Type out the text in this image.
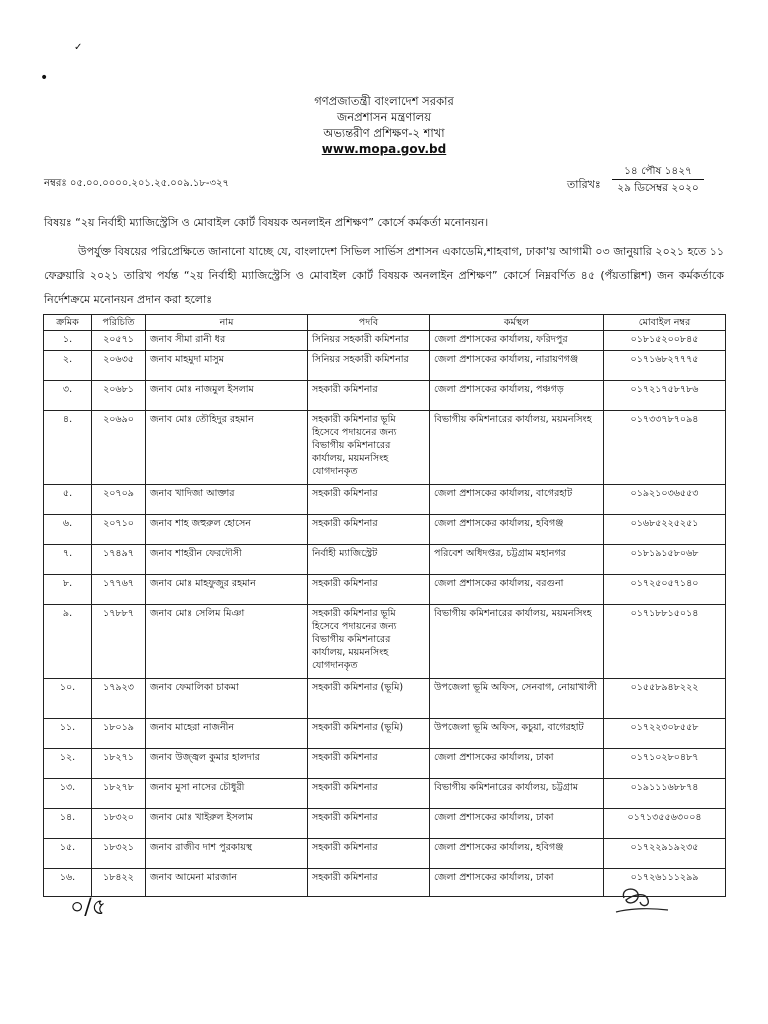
✓
•
গণপ্রজাতন্ত্রী বাংলাদেশ সরকার
জনপ্রশাসন মন্ত্রণালয়
অভ্যন্তরীণ প্রশিক্ষণ-২ শাখা
www.mopa.gov.bd
নম্বরঃ ০৫.০০.০০০০.২০১.২৫.০০৯.১৮-৩২৭	তারিখঃ
১৪ পৌষ ১৪২৭
২৯ ডিসেম্বর ২০২০
বিষয়ঃ “২য় নির্বাহী ম্যাজিস্ট্রেসি ও মোবাইল কোর্ট বিষয়ক অনলাইন প্রশিক্ষণ” কোর্সে কর্মকর্তা মনোনয়ন।
উপর্যুক্ত বিষয়ের পরিপ্রেক্ষিতে জানানো যাচ্ছে যে, বাংলাদেশ সিভিল সার্ভিস প্রশাসন একাডেমি,শাহবাগ, ঢাকা'য় আগামী ০৩ জানুয়ারি ২০২১ হতে ১১ ফেব্রুয়ারি ২০২১ তারিখ পর্যন্ত “২য় নির্বাহী ম্যাজিস্ট্রেসি ও মোবাইল কোর্ট বিষয়ক অনলাইন প্রশিক্ষণ” কোর্সে নিম্নবর্ণিত ৪৫ (পঁয়তাল্লিশ) জন কর্মকর্তাকে নির্দেশক্রমে মনোনয়ন প্রদান করা হলোঃ
ক্রমিক	পরিচিতি	নাম	পদবি	কর্মস্থল	মোবাইল নম্বর
১.	২০৫৭১	জনাব সীমা রানী ধর	সিনিয়র সহকারী কমিশনার	জেলা প্রশাসকের কার্যালয়, ফরিদপুর	০১৮১৫২০০৮৪৫
২.	২০৬৩৫	জনাব মাহমুদা মাসুম	সিনিয়র সহকারী কমিশনার	জেলা প্রশাসকের কার্যালয়, নারায়ণগঞ্জ	০১৭১৬৮২৭৭৭৫
৩.	২০৬৮১	জনাব মোঃ নাজমুল ইসলাম	সহকারী কমিশনার	জেলা প্রশাসকের কার্যালয়, পঞ্চগড়	০১৭২১৭৫৮৭৮৬
৪.	২০৬৯০	জনাব মোঃ তৌহিদুর রহমান	সহকারী কমিশনার ভূমি হিসেবে পদায়নের জন্য বিভাগীয় কমিশনারের কার্যালয়, ময়মনসিংহ যোগদানকৃত	বিভাগীয় কমিশনারের কার্যালয়, ময়মনসিংহ	০১৭৩৩৭৮৭০৯৪
৫.	২০৭০৯	জনাব খাদিজা আক্তার	সহকারী কমিশনার	জেলা প্রশাসকের কার্যালয়, বাগেরহাট	০১৯২১০৩৬৫৫৩
৬.	২০৭১০	জনাব শাহ জহুরুল হোসেন	সহকারী কমিশনার	জেলা প্রশাসকের কার্যালয়, হবিগঞ্জ	০১৬৮৫২২৫২৫১
৭.	১৭৪৯৭	জনাব শাহরীন ফেরদৌসী	নির্বাহী ম্যাজিস্ট্রেট	পরিবেশ অধিদপ্তর, চট্টগ্রাম মহানগর	০১৮১৯১৫৮০৬৮
৮.	১৭৭৬৭	জনাব মোঃ মাহফুজুর রহমান	সহকারী কমিশনার	জেলা প্রশাসকের কার্যালয়, বরগুনা	০১৭২৫০৫৭১৪০
৯.	১৭৮৮৭	জনাব মোঃ সেলিম মিঞা	সহকারী কমিশনার ভূমি হিসেবে পদায়নের জন্য বিভাগীয় কমিশনারের কার্যালয়, ময়মনসিংহ যোগদানকৃত	বিভাগীয় কমিশনারের কার্যালয়, ময়মনসিংহ	০১৭১৮৮১৫০১৪
১০.	১৭৯২৩	জনাব ফেমালিকা চাকমা	সহকারী কমিশনার (ভূমি)	উপজেলা ভূমি অফিস, সেনবাগ, নোয়াখালী	০১৫৫৮৯৪৮২২২
১১.	১৮০১৯	জনাব মাহেরা নাজনীন	সহকারী কমিশনার (ভূমি)	উপজেলা ভূমি অফিস, কচুয়া, বাগেরহাট	০১৭২২৩০৮৫৫৮
১২.	১৮২৭১	জনাব উজ্জ্বল কুমার হালদার	সহকারী কমিশনার	জেলা প্রশাসকের কার্যালয়, ঢাকা	০১৭১০২৮০৪৮৭
১৩.	১৮২৭৮	জনাব মুসা নাসের চৌধুরী	সহকারী কমিশনার	বিভাগীয় কমিশনারের কার্যালয়, চট্টগ্রাম	০১৯১১১৬৮৮৭৪
১৪.	১৮৩২০	জনাব মোঃ খাইরুল ইসলাম	সহকারী কমিশনার	জেলা প্রশাসকের কার্যালয়, ঢাকা	০১৭১৩৫৫৬৩০০৪
১৫.	১৮৩২১	জনাব রাজীব দাশ পুরকায়স্থ	সহকারী কমিশনার	জেলা প্রশাসকের কার্যালয়, হবিগঞ্জ	০১৭২২৯১৯২৩৫
১৬.	১৮৪২২	জনাব আমেনা মারজান	সহকারী কমিশনার	জেলা প্রশাসকের কার্যালয়, ঢাকা	০১৭২৬১১১২৯৯
০/৫
